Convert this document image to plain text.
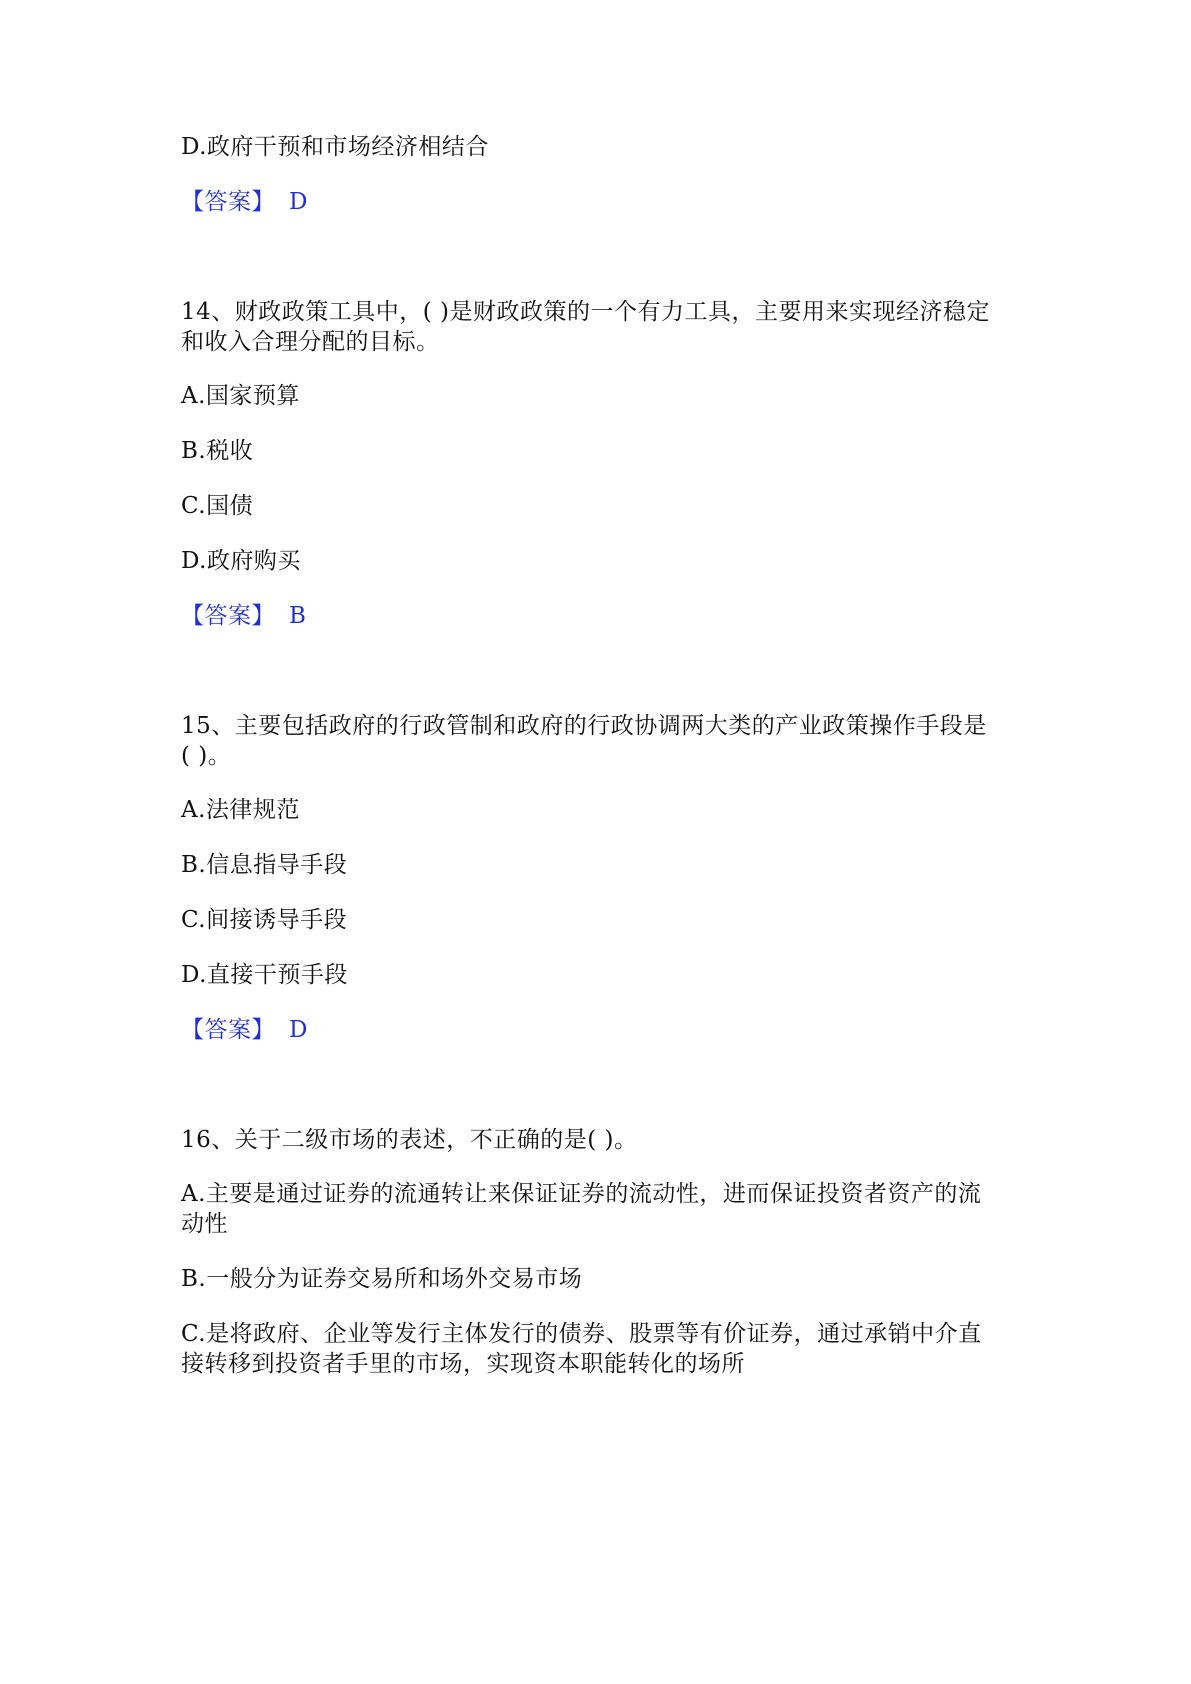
D.政府干预和市场经济相结合
【答案】 D
14、财政政策工具中，( )是财政政策的一个有力工具，主要用来实现经济稳定
和收入合理分配的目标。
A.国家预算
B.税收
C.国债
D.政府购买
【答案】 B
15、主要包括政府的行政管制和政府的行政协调两大类的产业政策操作手段是
( )。
A.法律规范
B.信息指导手段
C.间接诱导手段
D.直接干预手段
【答案】 D
16、关于二级市场的表述，不正确的是( )。
A.主要是通过证券的流通转让来保证证券的流动性，进而保证投资者资产的流
动性
B.一般分为证券交易所和场外交易市场
C.是将政府、企业等发行主体发行的债券、股票等有价证券，通过承销中介直
接转移到投资者手里的市场，实现资本职能转化的场所
